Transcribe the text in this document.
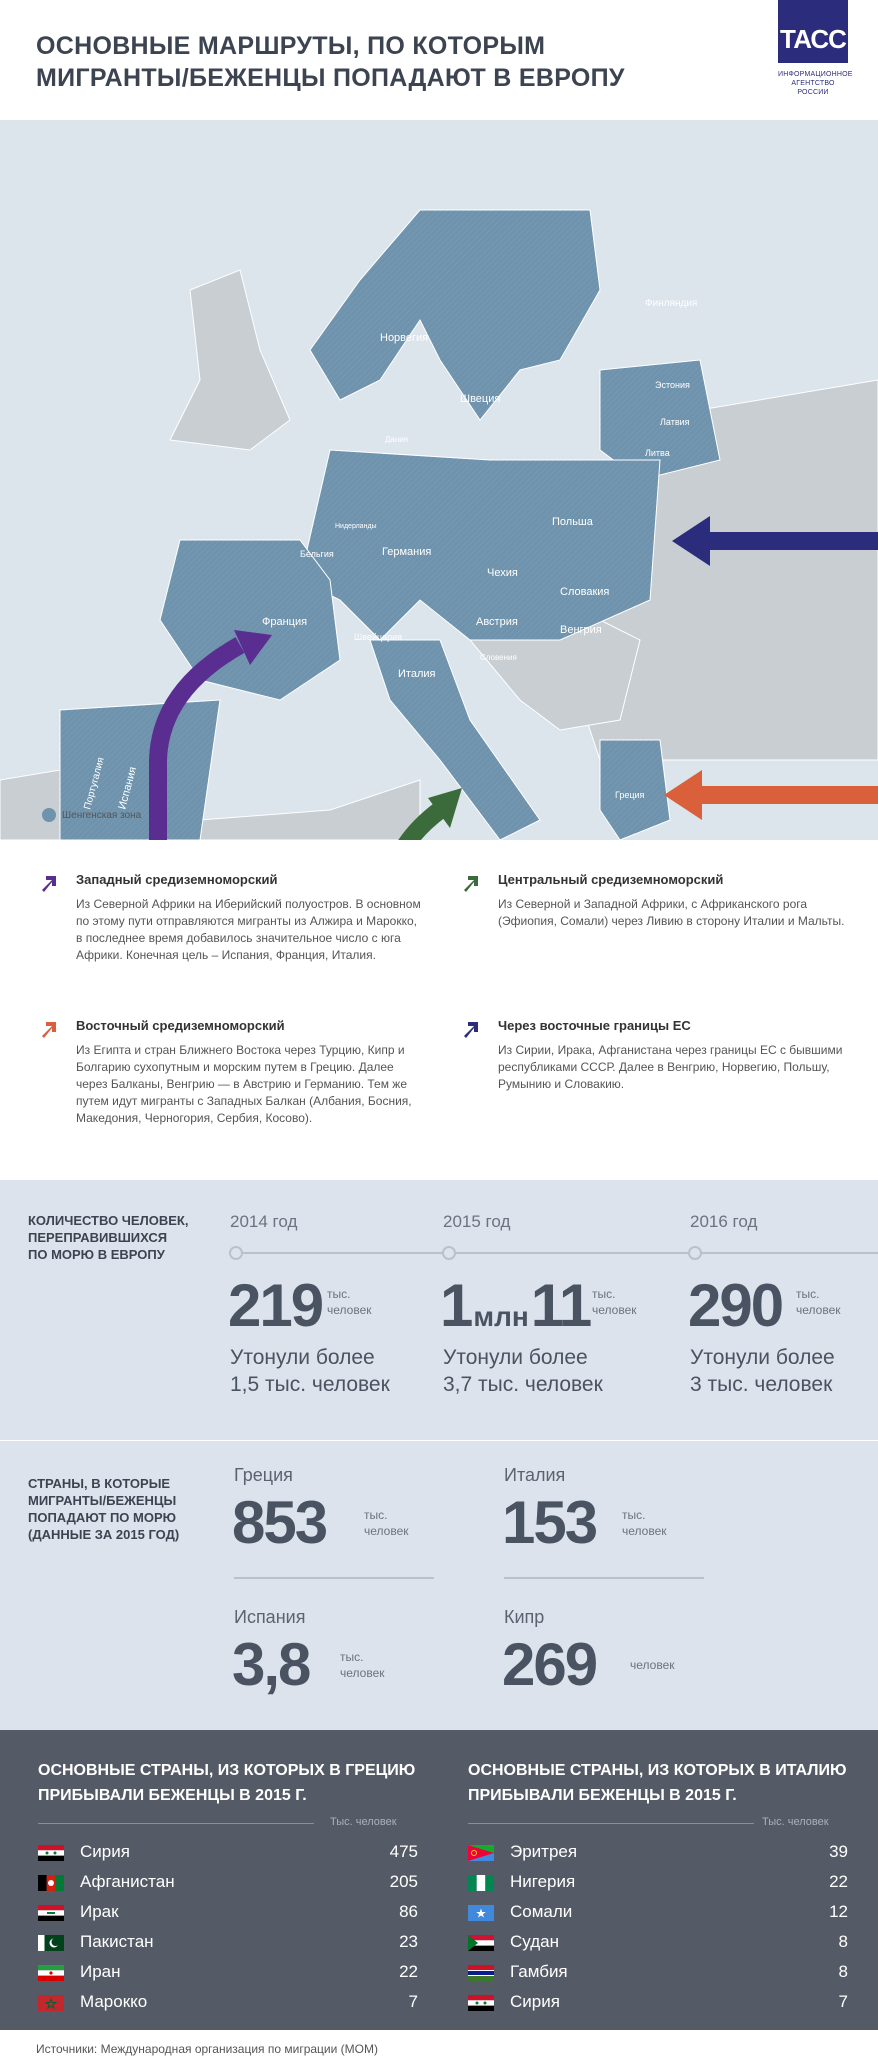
ОСНОВНЫЕ МАРШРУТЫ, ПО КОТОРЫМ
МИГРАНТЫ/БЕЖЕНЦЫ ПОПАДАЮТ В ЕВРОПУ
ТАСС
ИНФОРМАЦИОННОЕ
АГЕНТСТВО РОССИИ
Финляндия
Норвегия
Швеция
Эстония
Латвия
Литва
Дания
Нидерланды
Бельгия	Германия
Польша
Чехия
Словакия
Австрия
Венгрия
Швейцария
Словения
Франция
Италия
Португалия Испания	Греция
Шенгенская зона
Западный средиземноморский
Из Северной Африки на Иберийский полуостров. В основном по этому пути отправляются мигранты из Алжира и Марокко, в последнее время добавилось значительное число с юга Африки. Конечная цель – Испания, Франция, Италия.
Центральный средиземноморский
Из Северной и Западной Африки, с Африканского рога (Эфиопия, Сомали) через Ливию в сторону Италии и Мальты.
Восточный средиземноморский
Из Египта и стран Ближнего Востока через Турцию, Кипр и Болгарию сухопутным и морским путем в Грецию. Далее через Балканы, Венгрию — в Австрию и Германию. Тем же путем идут мигранты с Западных Балкан (Албания, Босния, Македония, Черногория, Сербия, Косово).
Через восточные границы ЕС
Из Сирии, Ирака, Афганистана через границы ЕС с бывшими республиками СССР. Далее в Венгрию, Норвегию, Польшу, Румынию и Словакию.
КОЛИЧЕСТВО ЧЕЛОВЕК,
ПЕРЕПРАВИВШИХСЯ
ПО МОРЮ В ЕВРОПУ
2014 год
219 тыс.
человек
Утонули более
1,5 тыс. человек
2015 год
1млн11 тыс.
человек
Утонули более
3,7 тыс. человек
2016 год
290 тыс.
человек
Утонули более
3 тыс. человек
СТРАНЫ, В КОТОРЫЕ
МИГРАНТЫ/БЕЖЕНЦЫ
ПОПАДАЮТ ПО МОРЮ
(ДАННЫЕ ЗА 2015 ГОД)
Греция
853	тыс.
человек
Италия
153 тыс.
человек
Испания
3,8	тыс.
человек
Кипр
269	человек
ОСНОВНЫЕ СТРАНЫ, ИЗ КОТОРЫХ В ГРЕЦИЮ
ПРИБЫВАЛИ БЕЖЕНЦЫ В 2015 Г.
Тыс. человек
ОСНОВНЫЕ СТРАНЫ, ИЗ КОТОРЫХ В ИТАЛИЮ
ПРИБЫВАЛИ БЕЖЕНЦЫ В 2015 Г.
Тыс. человек
Сирия	475
Афганистан	205
Ирак	86
Пакистан	23
Иран	22
Марокко	7
Эритрея	39
Нигерия	22
Сомали	12
Судан	8
Гамбия	8
Сирия	7
Источники: Международная организация по миграции (МОМ)
